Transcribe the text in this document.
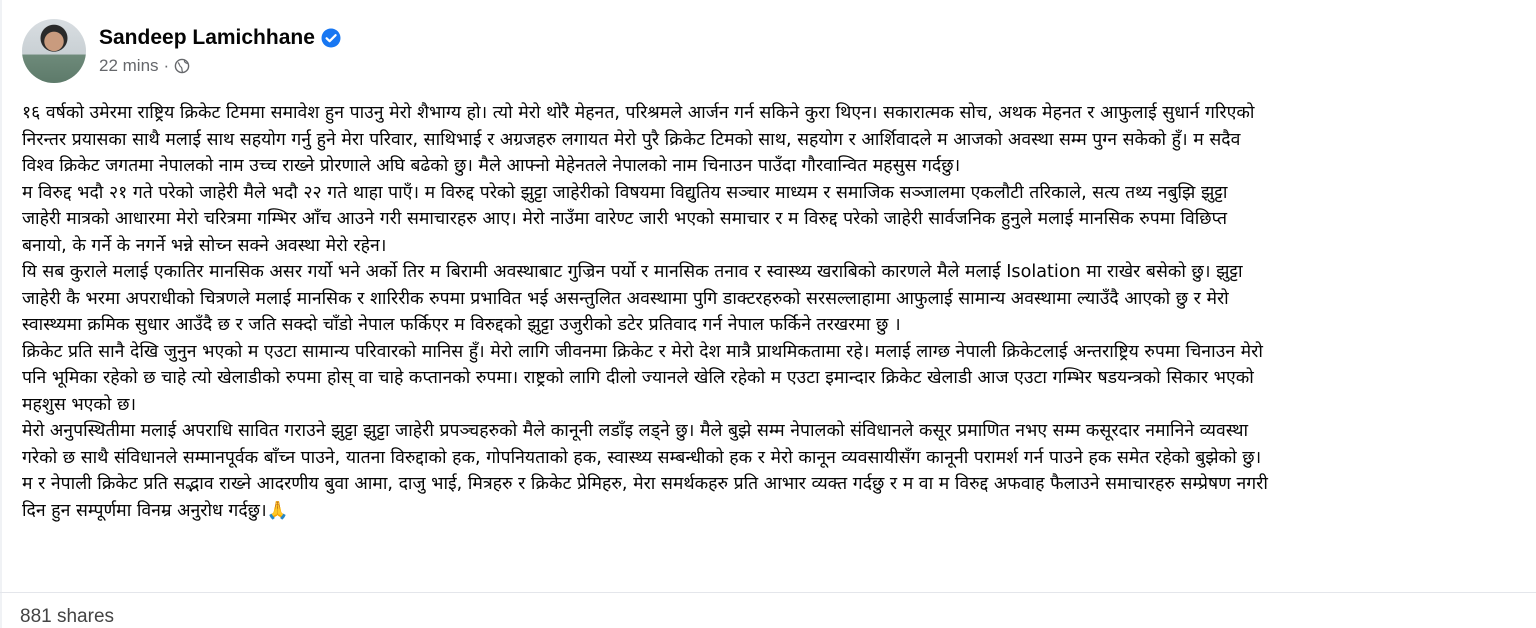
Sandeep Lamichhane
22 mins ·
१६ वर्षको उमेरमा राष्ट्रिय क्रिकेट टिममा समावेश हुन पाउनु मेरो शैभाग्य हो। त्यो मेरो थोरै मेहनत, परिश्रमले आर्जन गर्न सकिने कुरा थिएन। सकारात्मक सोच, अथक मेहनत र आफुलाई सुधार्न गरिएको
निरन्तर प्रयासका साथै मलाई साथ सहयोग गर्नु हुने मेरा परिवार, साथिभाई र अग्रजहरु लगायत मेरो पुरै क्रिकेट टिमको साथ, सहयोग र आर्शिवादले म आजको अवस्था सम्म पुग्न सकेको हुँ। म सदैव
विश्व क्रिकेट जगतमा नेपालको नाम उच्च राख्ने प्रोरणाले अघि बढेको छु। मैले आफ्नो मेहेनतले नेपालको नाम चिनाउन पाउँदा गौरवान्वित महसुस गर्दछु।
म विरुद्द भदौ २१ गते परेको जाहेरी मैले भदौ २२ गते थाहा पाएँ। म विरुद्द परेको झुट्टा जाहेरीको विषयमा विद्युतिय सञ्चार माध्यम र समाजिक सञ्जालमा एकलौटी तरिकाले, सत्य तथ्य नबुझि झुट्टा
जाहेरी मात्रको आधारमा मेरो चरित्रमा गम्भिर आँच आउने गरी समाचारहरु आए। मेरो नाउँमा वारेण्ट जारी भएको समाचार र म विरुद्द परेको जाहेरी सार्वजनिक हुनुले मलाई मानसिक रुपमा विछिप्त
बनायो, के गर्ने के नगर्ने भन्ने सोच्न सक्ने अवस्था मेरो रहेन।
यि सब कुराले मलाई एकातिर मानसिक असर गर्यो भने अर्को तिर म बिरामी अवस्थाबाट गुज्रिन पर्यो र मानसिक तनाव र स्वास्थ्य खराबिको कारणले मैले मलाई Isolation मा राखेर बसेको छु। झुट्टा
जाहेरी कै भरमा अपराधीको चित्रणले मलाई मानसिक र शारिरीक रुपमा प्रभावित भई असन्तुलित अवस्थामा पुगि डाक्टरहरुको सरसल्लाहामा आफुलाई सामान्य अवस्थामा ल्याउँदै आएको छु र मेरो
स्वास्थ्यमा क्रमिक सुधार आउँदै छ र जति सक्दो चाँडो नेपाल फर्किएर म विरुद्दको झुट्टा उजुरीको डटेर प्रतिवाद गर्न नेपाल फर्किने तरखरमा छु ।
क्रिकेट प्रति सानै देखि जुनुन भएको म एउटा सामान्य परिवारको मानिस हुँ। मेरो लागि जीवनमा क्रिकेट र मेरो देश मात्रै प्राथमिकतामा रहे। मलाई लाग्छ नेपाली क्रिकेटलाई अन्तराष्ट्रिय रुपमा चिनाउन मेरो
पनि भूमिका रहेको छ चाहे त्यो खेलाडीको रुपमा होस् वा चाहे कप्तानको रुपमा। राष्ट्रको लागि दीलो ज्यानले खेलि रहेको म एउटा इमान्दार क्रिकेट खेलाडी आज एउटा गम्भिर षडयन्त्रको सिकार भएको
महशुस भएको छ।
मेरो अनुपस्थितीमा मलाई अपराधि सावित गराउने झुट्टा झुट्टा जाहेरी प्रपञ्चहरुको मैले कानूनी लडाँइ लड्ने छु। मैले बुझे सम्म नेपालको संविधानले कसूर प्रमाणित नभए सम्म कसूरदार नमानिने व्यवस्था
गरेको छ साथै संविधानले सम्मानपूर्वक बाँच्न पाउने, यातना विरुद्दाको हक, गोपनियताको हक, स्वास्थ्य सम्बन्धीको हक र मेरो कानून व्यवसायीसँग कानूनी परामर्श गर्न पाउने हक समेत रहेको बुझेको छु।
म र नेपाली क्रिकेट प्रति सद्भाव राख्ने आदरणीय बुवा आमा, दाजु भाई, मित्रहरु र क्रिकेट प्रेमिहरु, मेरा समर्थकहरु प्रति आभार व्यक्त गर्दछु र म वा म विरुद्द अफवाह फैलाउने समाचारहरु सम्प्रेषण नगरी
दिन हुन सम्पूर्णमा विनम्र अनुरोध गर्दछु।🙏
881 shares
